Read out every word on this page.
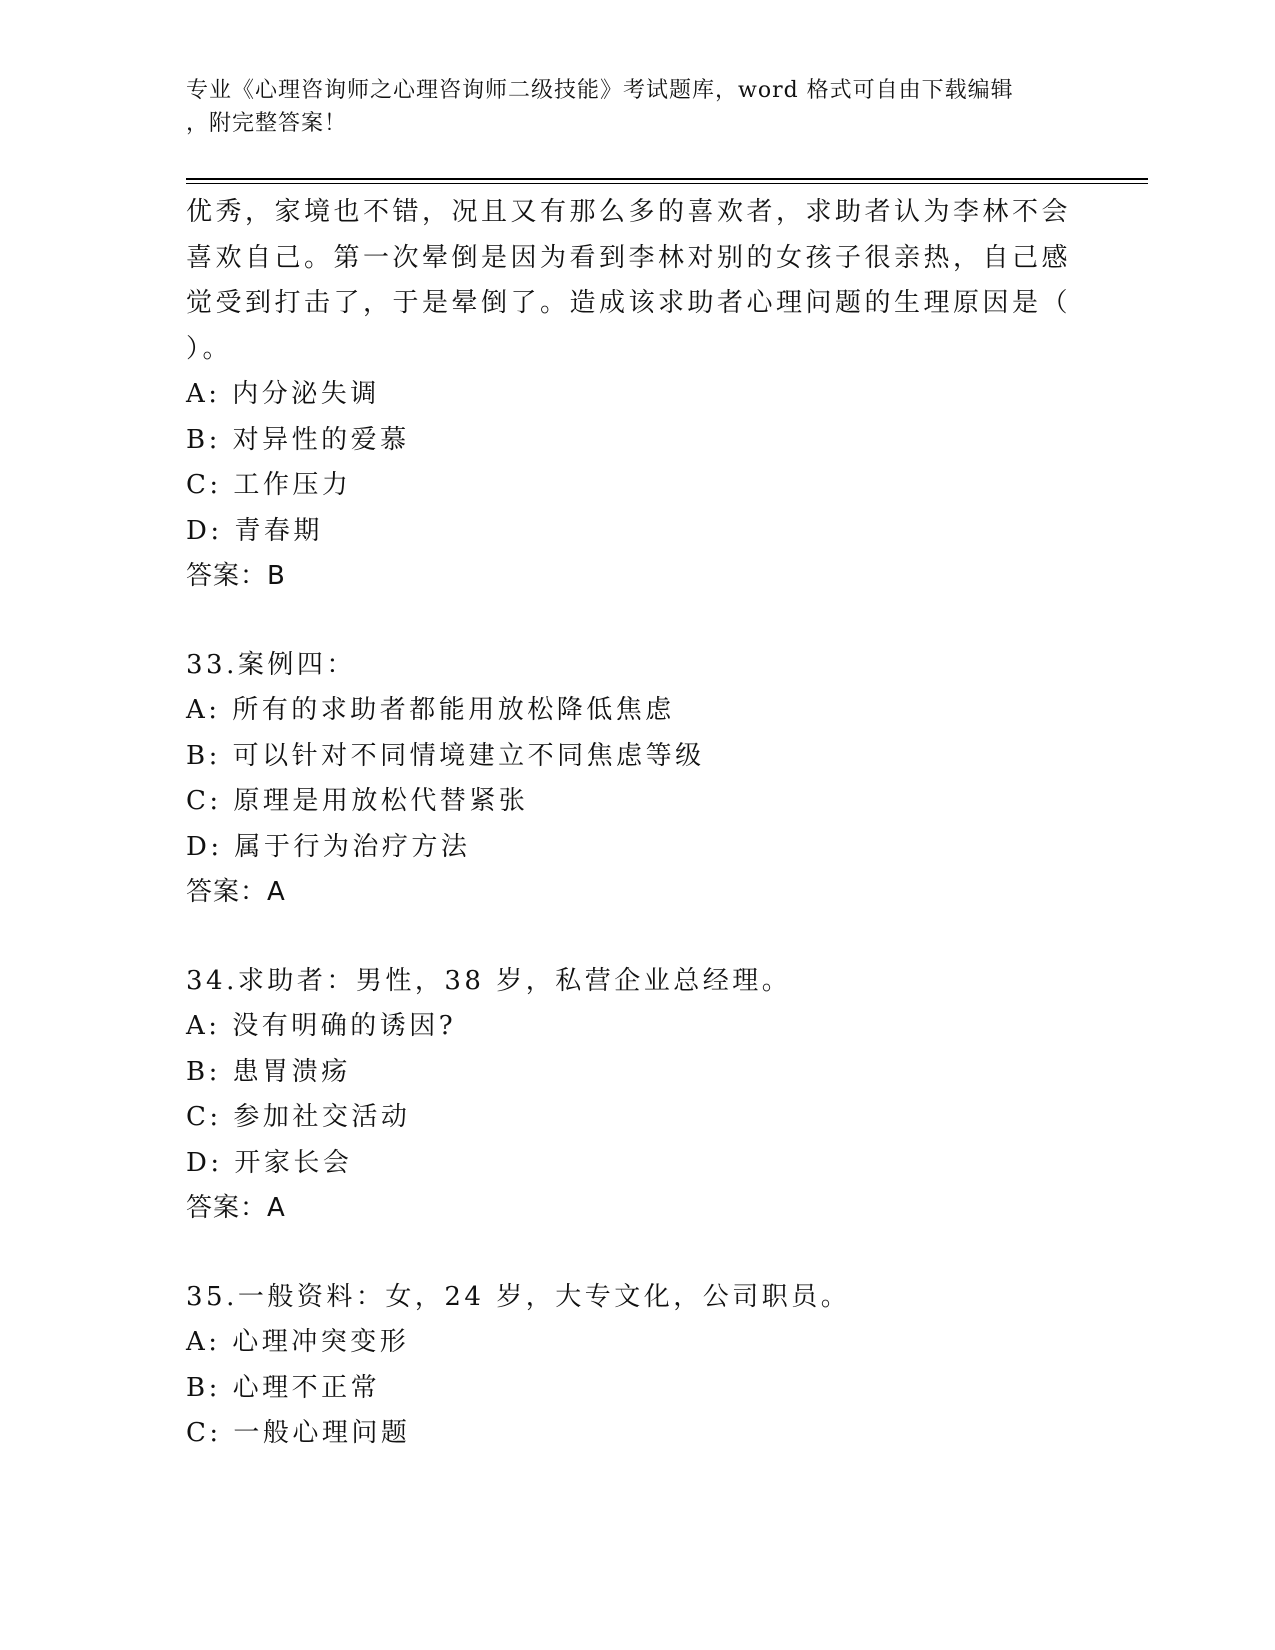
专业《心理咨询师之心理咨询师二级技能》考试题库，word 格式可自由下载编辑
，附完整答案！
优秀，家境也不错，况且又有那么多的喜欢者，求助者认为李林不会
喜欢自己。第一次晕倒是因为看到李林对别的女孩子很亲热，自己感
觉受到打击了，于是晕倒了。造成该求助者心理问题的生理原因是（
）。
A: 内分泌失调
B: 对异性的爱慕
C: 工作压力
D: 青春期
答案：B
33.案例四：
A: 所有的求助者都能用放松降低焦虑
B: 可以针对不同情境建立不同焦虑等级
C: 原理是用放松代替紧张
D: 属于行为治疗方法
答案：A
34.求助者：男性，38 岁，私营企业总经理。
A: 没有明确的诱因?
B: 患胃溃疡
C: 参加社交活动
D: 开家长会
答案：A
35.一般资料：女，24 岁，大专文化，公司职员。
A: 心理冲突变形
B: 心理不正常
C: 一般心理问题
